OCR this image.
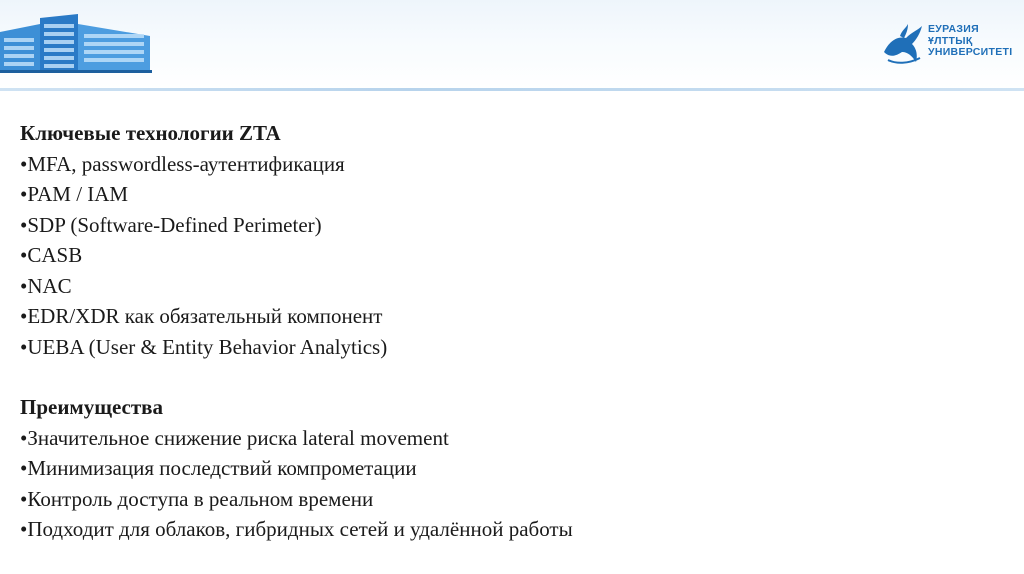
ЕУРАЗИЯ
ҰЛТТЫҚ
УНИВЕРСИТЕТІ
Ключевые технологии ZTA
•MFA, passwordless-аутентификация
•PAM / IAM
•SDP (Software-Defined Perimeter)
•CASB
•NAC
•EDR/XDR как обязательный компонент
•UEBA (User & Entity Behavior Analytics)
Преимущества
•Значительное снижение риска lateral movement
•Минимизация последствий компрометации
•Контроль доступа в реальном времени
•Подходит для облаков, гибридных сетей и удалённой работы
